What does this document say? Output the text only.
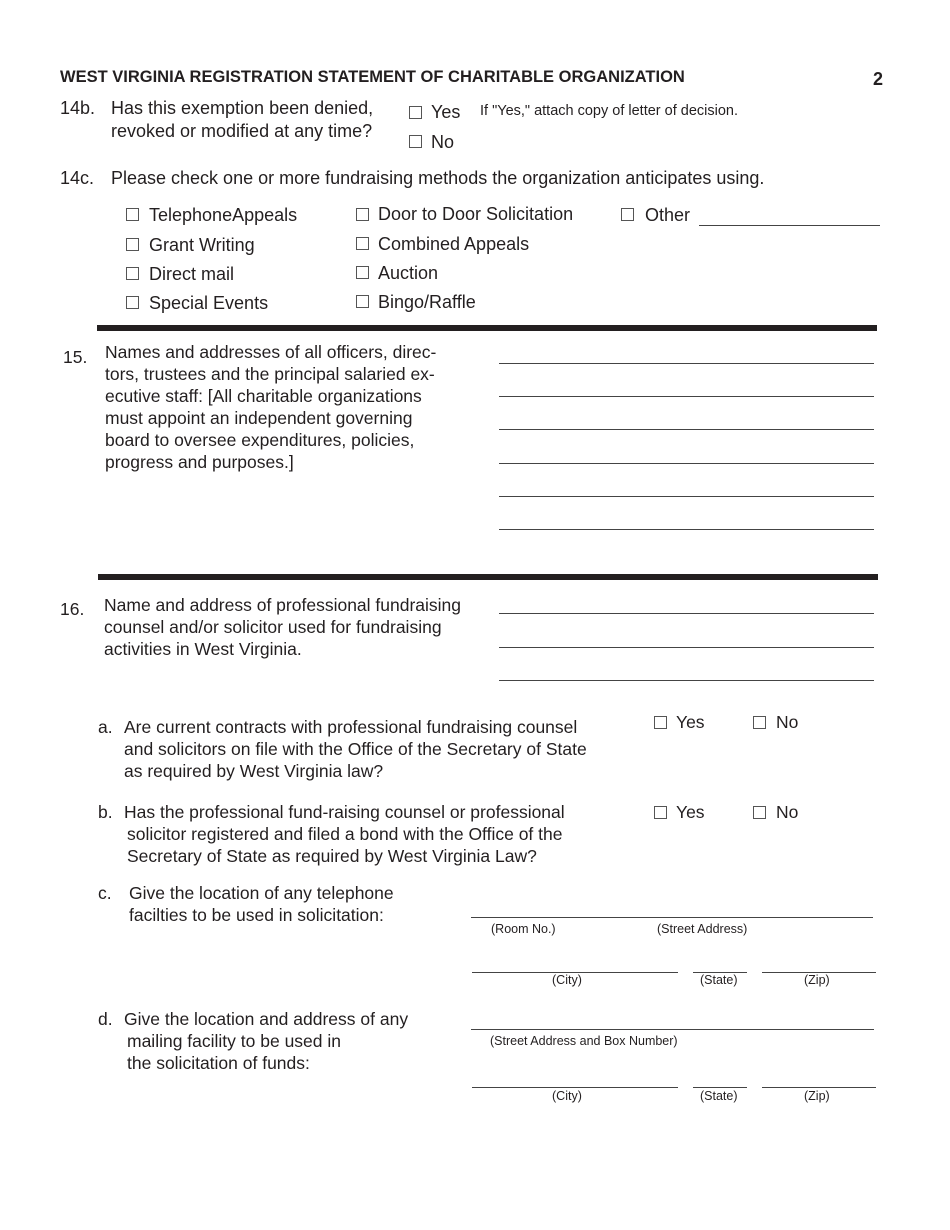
WEST VIRGINIA REGISTRATION STATEMENT OF CHARITABLE ORGANIZATION	2
14b. Has this exemption been denied,
revoked or modified at any time?
Yes If "Yes," attach copy of letter of decision.
No
14c. Please check one or more fundraising methods the organization anticipates using.
TelephoneAppeals
Grant Writing
Direct mail
Special Events
Door to Door Solicitation
Combined Appeals
Auction
Bingo/Raffle
Other
15. Names and addresses of all officers, direc-
tors, trustees and the principal salaried ex-
ecutive staff: [All charitable organizations
must appoint an independent governing
board to oversee expenditures, policies,
progress and purposes.]
16. Name and address of professional fundraising
counsel and/or solicitor used for fundraising
activities in West Virginia.
a. Are current contracts with professional fundraising counsel
and solicitors on file with the Office of the Secretary of State
as required by West Virginia law?
Yes	No
b. Has the professional fund-raising counsel or professional
solicitor registered and filed a bond with the Office of the
Secretary of State as required by West Virginia Law?
Yes	No
c. Give the location of any telephone
facilties to be used in solicitation:
(Room No.)	(Street Address)
(City)	(State)	(Zip)
d. Give the location and address of any
mailing facility to be used in
the solicitation of funds:
(Street Address and Box Number)
(City)	(State)	(Zip)
